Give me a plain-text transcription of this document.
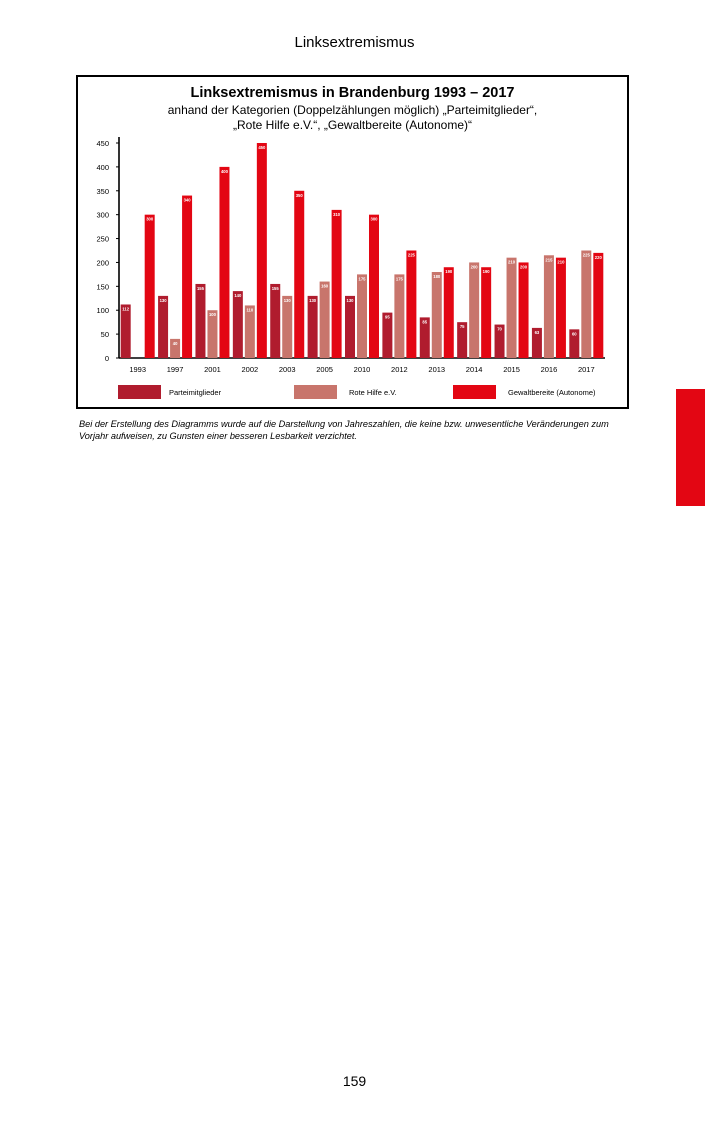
Linksextremismus
Linksextremismus in Brandenburg 1993 – 2017
anhand der Kategorien (Doppelzählungen möglich) „Parteimitglieder“,
„Rote Hilfe e.V.“, „Gewaltbereite (Autonome)“
0
50
100
150
200
250
300
350
400
450
112
300
1993
130
40
340
1997
155
100
400
2001
140
110
450
2002
155
130
350
2003
130
160
310
2005
130
175
300
2010
95
175
225
2012
85
180
190
2013
75
200
190
2014
70
210
200
2015
63
215 210
2016
60
225 220
2017
Parteimitglieder	Rote Hilfe e.V.	Gewaltbereite (Autonome)
Bei der Erstellung des Diagramms wurde auf die Darstellung von Jahreszahlen, die keine bzw. unwesentliche Veränderungen zum Vorjahr aufweisen, zu Gunsten einer besseren Lesbarkeit verzichtet.
159
